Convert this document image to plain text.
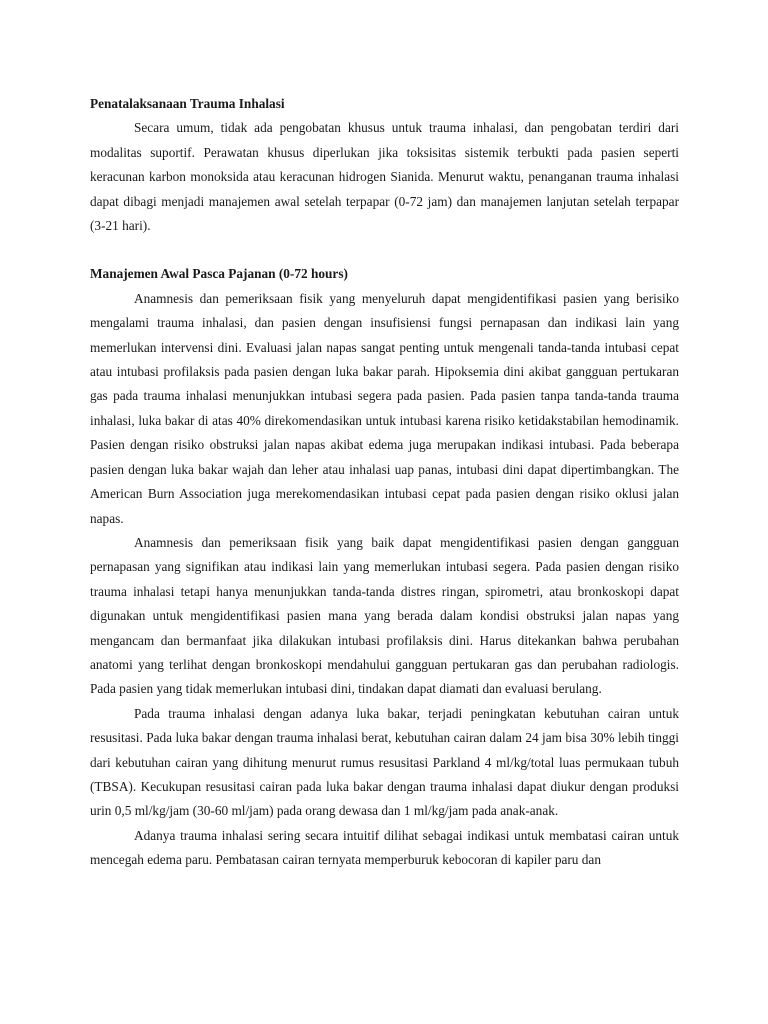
Penatalaksanaan Trauma Inhalasi

Secara umum, tidak ada pengobatan khusus untuk trauma inhalasi, dan pengobatan terdiri dari modalitas suportif. Perawatan khusus diperlukan jika toksisitas sistemik terbukti pada pasien seperti keracunan karbon monoksida atau keracunan hidrogen Sianida. Menurut waktu, penanganan trauma inhalasi dapat dibagi menjadi manajemen awal setelah terpapar (0-72 jam) dan manajemen lanjutan setelah terpapar (3-21 hari).

Manajemen Awal Pasca Pajanan (0-72 hours)

Anamnesis dan pemeriksaan fisik yang menyeluruh dapat mengidentifikasi pasien yang berisiko mengalami trauma inhalasi, dan pasien dengan insufisiensi fungsi pernapasan dan indikasi lain yang memerlukan intervensi dini. Evaluasi jalan napas sangat penting untuk mengenali tanda-tanda intubasi cepat atau intubasi profilaksis pada pasien dengan luka bakar parah. Hipoksemia dini akibat gangguan pertukaran gas pada trauma inhalasi menunjukkan intubasi segera pada pasien. Pada pasien tanpa tanda-tanda trauma inhalasi, luka bakar di atas 40% direkomendasikan untuk intubasi karena risiko ketidakstabilan hemodinamik. Pasien dengan risiko obstruksi jalan napas akibat edema juga merupakan indikasi intubasi. Pada beberapa pasien dengan luka bakar wajah dan leher atau inhalasi uap panas, intubasi dini dapat dipertimbangkan. The American Burn Association juga merekomendasikan intubasi cepat pada pasien dengan risiko oklusi jalan napas.

Anamnesis dan pemeriksaan fisik yang baik dapat mengidentifikasi pasien dengan gangguan pernapasan yang signifikan atau indikasi lain yang memerlukan intubasi segera. Pada pasien dengan risiko trauma inhalasi tetapi hanya menunjukkan tanda-tanda distres ringan, spirometri, atau bronkoskopi dapat digunakan untuk mengidentifikasi pasien mana yang berada dalam kondisi obstruksi jalan napas yang mengancam dan bermanfaat jika dilakukan intubasi profilaksis dini. Harus ditekankan bahwa perubahan anatomi yang terlihat dengan bronkoskopi mendahului gangguan pertukaran gas dan perubahan radiologis. Pada pasien yang tidak memerlukan intubasi dini, tindakan dapat diamati dan evaluasi berulang.

Pada trauma inhalasi dengan adanya luka bakar, terjadi peningkatan kebutuhan cairan untuk resusitasi. Pada luka bakar dengan trauma inhalasi berat, kebutuhan cairan dalam 24 jam bisa 30% lebih tinggi dari kebutuhan cairan yang dihitung menurut rumus resusitasi Parkland 4 ml/kg/total luas permukaan tubuh (TBSA). Kecukupan resusitasi cairan pada luka bakar dengan trauma inhalasi dapat diukur dengan produksi urin 0,5 ml/kg/jam (30-60 ml/jam) pada orang dewasa dan 1 ml/kg/jam pada anak-anak.

Adanya trauma inhalasi sering secara intuitif dilihat sebagai indikasi untuk membatasi cairan untuk mencegah edema paru. Pembatasan cairan ternyata memperburuk kebocoran di kapiler paru dan
